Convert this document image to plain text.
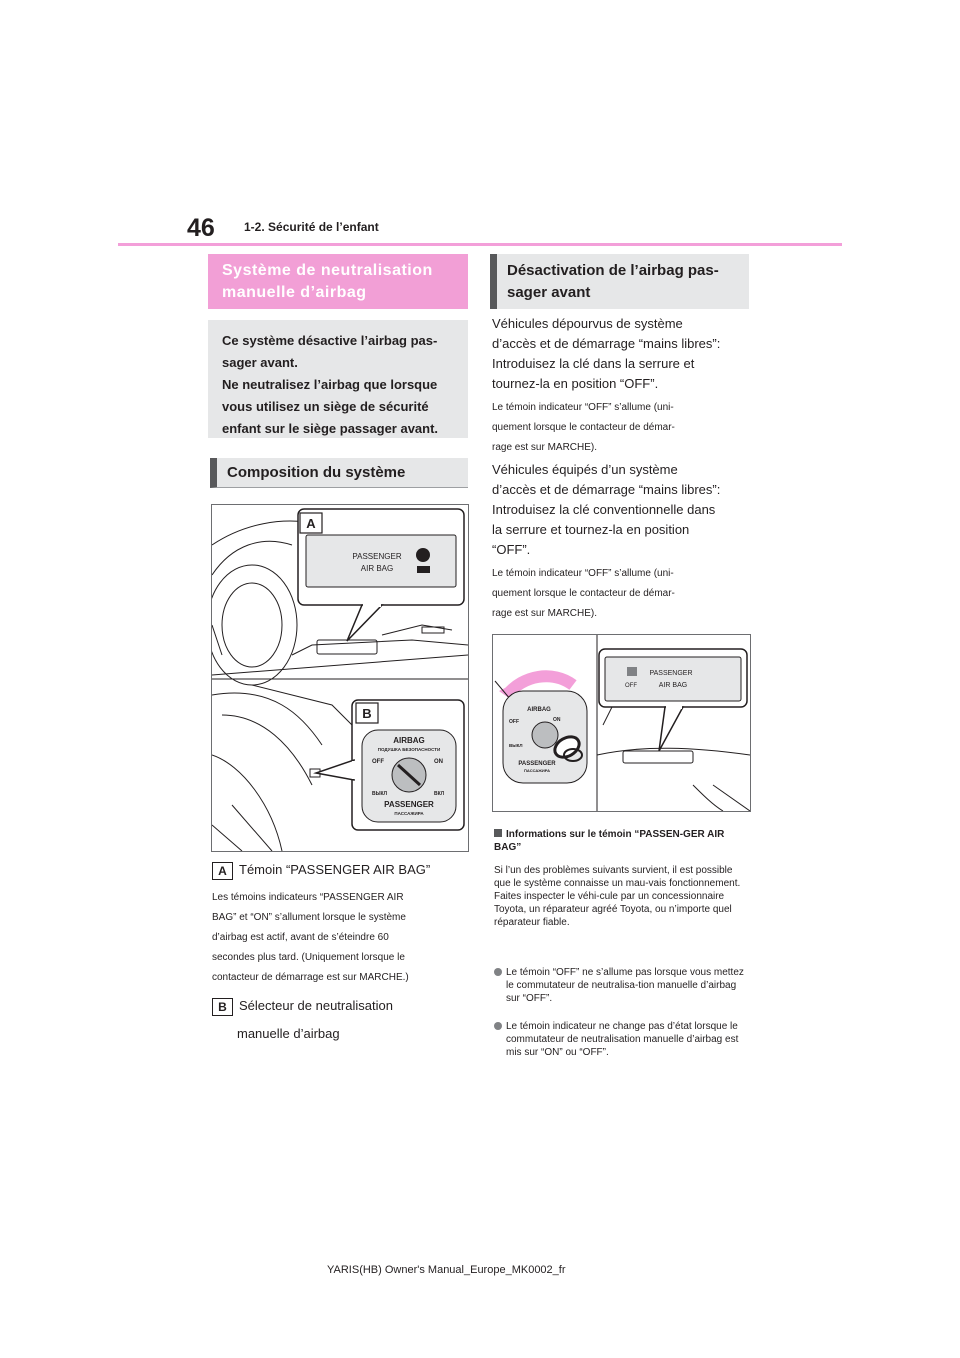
46 1-2. Sécurité de l’enfant
Système de neutralisation manuelle d’airbag
Ce système désactive l’airbag pas-
sager avant.
Ne neutralisez l’airbag que lorsque
vous utilisez un siège de sécurité
enfant sur le siège passager avant.
Composition du système
A
PASSENGER
AIR BAG
B
AIRBAG
ПОДУШКА БЕЗОПАСНОСТИ
OFF	ON
ВЫКЛ	ВКЛ
PASSENGER
ПАССАЖИРА
A Témoin “PASSENGER AIR BAG”
Les témoins indicateurs “PASSENGER AIR
BAG” et “ON” s’allument lorsque le système
d’airbag est actif, avant de s’éteindre 60
secondes plus tard. (Uniquement lorsque le
contacteur de démarrage est sur MARCHE.)
B Sélecteur de neutralisation
manuelle d’airbag
Désactivation de l’airbag pas-sager avant
Véhicules dépourvus de système
d’accès et de démarrage “mains libres”:
Introduisez la clé dans la serrure et
tournez-la en position “OFF”.
Le témoin indicateur “OFF” s’allume (uni-
quement lorsque le contacteur de démar-
rage est sur MARCHE).
Véhicules équipés d’un système
d’accès et de démarrage “mains libres”:
Introduisez la clé conventionnelle dans
la serrure et tournez-la en position
“OFF”.
Le témoin indicateur “OFF” s’allume (uni-
quement lorsque le contacteur de démar-
rage est sur MARCHE).
AIRBAG
OFF	ON
ВЫКЛ
PASSENGER
ПАССАЖИРА
OFF
PASSENGER
AIR BAG
Informations sur le témoin “PASSEN-GER AIR BAG”
Si l’un des problèmes suivants survient, il est possible que le système connaisse un mau-vais fonctionnement. Faites inspecter le véhi-cule par un concessionnaire Toyota, un réparateur agréé Toyota, ou n’importe quel réparateur fiable.
Le témoin “OFF” ne s’allume pas lorsque vous mettez le commutateur de neutralisa-tion manuelle d’airbag sur “OFF”.
Le témoin indicateur ne change pas d’état lorsque le commutateur de neutralisation manuelle d’airbag est mis sur “ON” ou “OFF”.
YARIS(HB) Owner's Manual_Europe_MK0002_fr
